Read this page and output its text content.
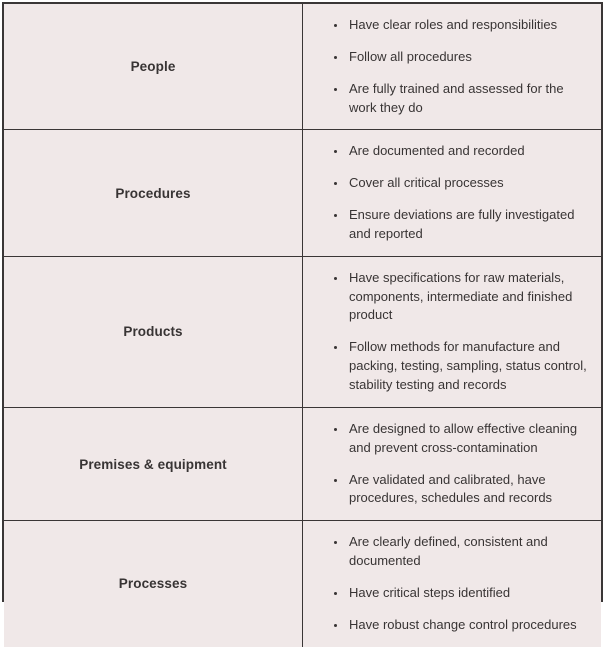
People
• Have clear roles and responsibilities
• Follow all procedures
• Are fully trained and assessed for the work they do
Procedures
• Are documented and recorded
• Cover all critical processes
• Ensure deviations are fully investigated and reported
Products
• Have specifications for raw materials, components, intermediate and finished product
• Follow methods for manufacture and packing, testing, sampling, status control, stability testing and records
Premises & equipment
• Are designed to allow effective cleaning and prevent cross-contamination
• Are validated and calibrated, have procedures, schedules and records
Processes
• Are clearly defined, consistent and documented
• Have critical steps identified
• Have robust change control procedures
